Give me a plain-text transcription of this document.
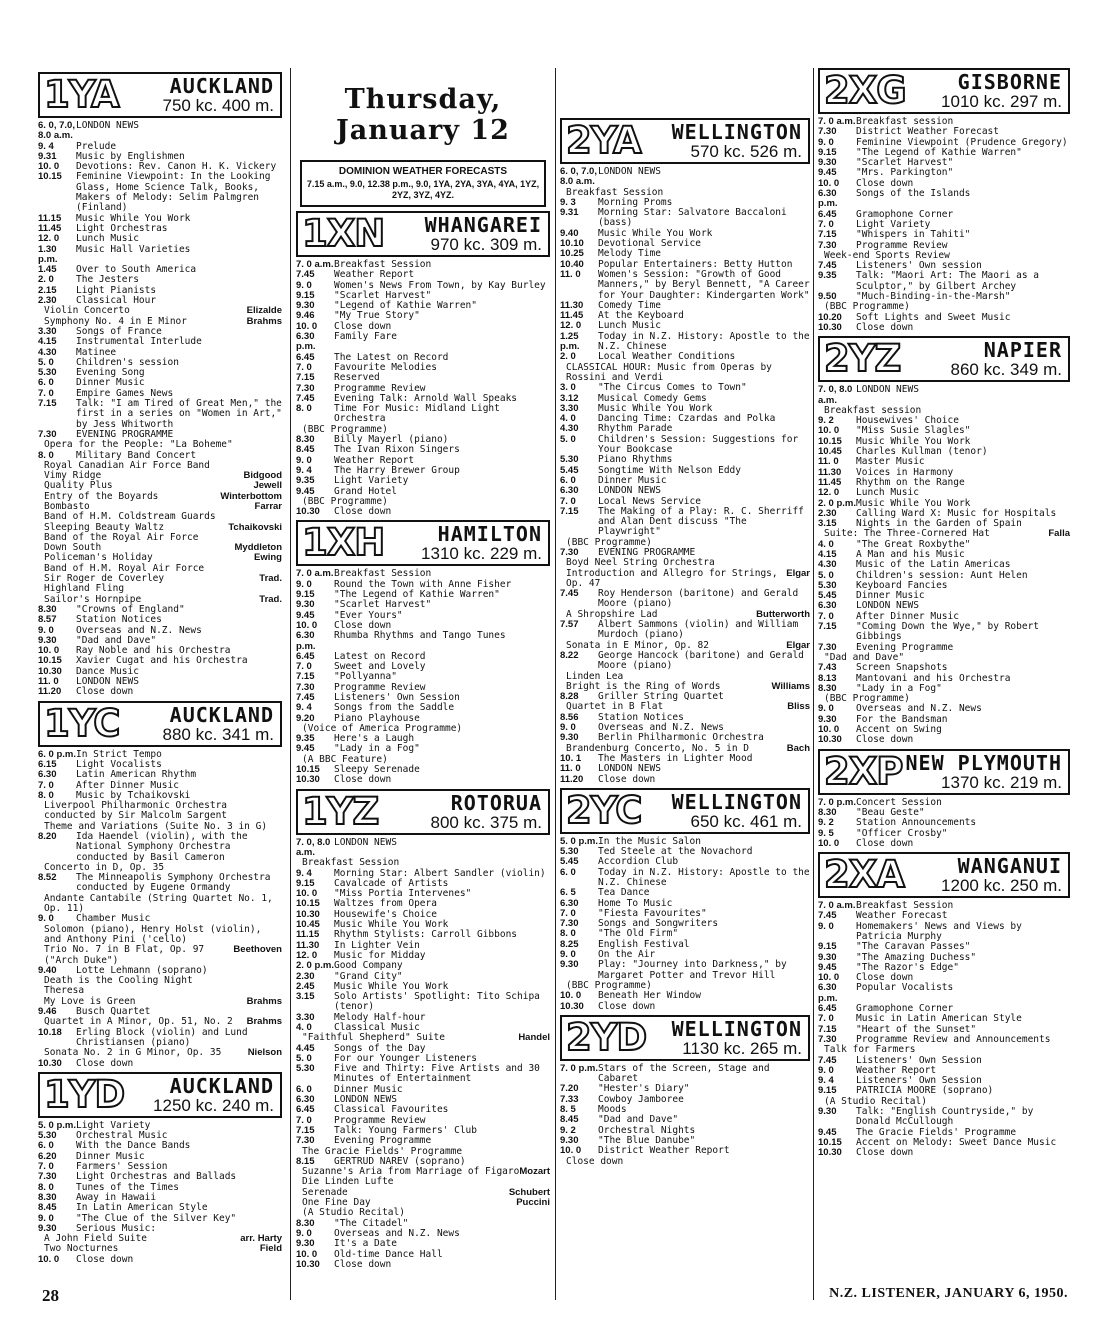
1YA	AUCKLAND
750 kc. 400 m.
6. 0, 7.0, 8.0 a.m.
LONDON NEWS
9. 4	Prelude
9.31	Music by Englishmen
10. 0	Devotions: Rev. Canon H. K. Vickery
10.15	Feminine Viewpoint: In the Looking Glass, Home Science Talk, Books, Makers of Melody: Selim Palmgren (Finland)
11.15	Music While You Work
11.45	Light Orchestras
12. 0	Lunch Music
1.30 p.m.
Music Hall Varieties
1.45	Over to South America
2. 0	The Jesters
2.15	Light Pianists
2.30	Classical Hour
Violin Concerto	Elizalde
Symphony No. 4 in E Minor	Brahms
3.30	Songs of France
4.15	Instrumental Interlude
4.30	Matinee
5. 0	Children's session
5.30	Evening Song
6. 0	Dinner Music
7. 0	Empire Games News
7.15	Talk: "I am Tired of Great Men," the first in a series on "Women in Art," by Jess Whitworth
7.30	EVENING PROGRAMME
Opera for the People: "La Boheme"
8. 0	Military Band Concert
Royal Canadian Air Force Band
Vimy Ridge	Bidgood
Quality Plus	Jewell
Entry of the Boyards	Winterbottom
Bombasto	Farrar
Band of H.M. Coldstream Guards
Sleeping Beauty Waltz	Tchaikovski
Band of the Royal Air Force
Down South	Myddleton
Policeman's Holiday	Ewing
Band of H.M. Royal Air Force
Sir Roger de Coverley	Trad.
Highland Fling
Sailor's Hornpipe	Trad.
8.30	"Crowns of England"
8.57	Station Notices
9. 0	Overseas and N.Z. News
9.30	"Dad and Dave"
10. 0	Ray Noble and his Orchestra
10.15	Xavier Cugat and his Orchestra
10.30	Dance Music
11. 0	LONDON NEWS
11.20	Close down
1YC	AUCKLAND
880 kc. 341 m.
6. 0 p.m. In Strict Tempo
6.15	Light Vocalists
6.30	Latin American Rhythm
7. 0	After Dinner Music
8. 0	Music by Tchaikovski
Liverpool Philharmonic Orchestra conducted by Sir Malcolm Sargent
Theme and Variations (Suite No. 3 in G)
8.20	Ida Haendel (violin), with the National Symphony Orchestra conducted by Basil Cameron
Concerto in D, Op. 35
8.52	The Minneapolis Symphony Orchestra conducted by Eugene Ormandy
Andante Cantabile (String Quartet No. 1, Op. 11)
9. 0	Chamber Music
Solomon (piano), Henry Holst (violin), and Anthony Pini ('cello)
Trio No. 7 in B Flat, Op. 97 ("Arch Duke")
Beethoven
9.40	Lotte Lehmann (soprano)
Death is the Cooling Night
Theresa
My Love is Green	Brahms
9.46	Busch Quartet
Quartet in A Minor, Op. 51, No. 2	Brahms
10.18	Erling Block (violin) and Lund Christiansen (piano)
Sonata No. 2 in G Minor, Op. 35	Nielson
10.30	Close down
1YD AUCKLAND
1250 kc. 240 m.
5. 0 p.m. Light Variety
5.30	Orchestral Music
6. 0	With the Dance Bands
6.20	Dinner Music
7. 0	Farmers' Session
7.30	Light Orchestras and Ballads
8. 0	Tunes of the Times
8.30	Away in Hawaii
8.45	In Latin American Style
9. 0	"The Clue of the Silver Key"
9.30	Serious Music:
A John Field Suite	arr. Harty
Two Nocturnes	Field
10. 0	Close down
Thursday, January 12
DOMINION WEATHER FORECASTS
7.15 a.m., 9.0, 12.38 p.m., 9.0, 1YA, 2YA, 3YA, 4YA, 1YZ, 2YZ, 3YZ, 4YZ.
1XN WHANGAREI
970 kc. 309 m.
7. 0 a.m. Breakfast Session
7.45	Weather Report
9. 0	Women's News From Town, by Kay Burley
9.15	"Scarlet Harvest"
9.30	"Legend of Kathie Warren"
9.46	"My True Story"
10. 0	Close down
6.30 p.m.
Family Fare
6.45	The Latest on Record
7. 0	Favourite Melodies
7.15	Reserved
7.30	Programme Review
7.45	Evening Talk: Arnold Wall Speaks
8. 0	Time For Music: Midland Light Orchestra
(BBC Programme)
8.30	Billy Mayerl (piano)
8.45	The Ivan Rixon Singers
9. 0	Weather Report
9. 4	The Harry Brewer Group
9.35	Light Variety
9.45	Grand Hotel
(BBC Programme)
10.30	Close down
1XH	HAMILTON
1310 kc. 229 m.
7. 0 a.m. Breakfast Session
9. 0	Round the Town with Anne Fisher
9.15	"The Legend of Kathie Warren"
9.30	"Scarlet Harvest"
9.45	"Ever Yours"
10. 0	Close down
6.30 p.m.
Rhumba Rhythms and Tango Tunes
6.45	Latest on Record
7. 0	Sweet and Lovely
7.15	"Pollyanna"
7.30	Programme Review
7.45	Listeners' Own Session
9. 4	Songs from the Saddle
9.20	Piano Playhouse
(Voice of America Programme)
9.35	Here's a Laugh
9.45	"Lady in a Fog"
(A BBC Feature)
10.15	Sleepy Serenade
10.30	Close down
1YZ	ROTORUA
800 kc. 375 m.
7. 0, 8.0 a.m.
LONDON NEWS
Breakfast Session
9. 4	Morning Star: Albert Sandler (violin)
9.15	Cavalcade of Artists
10. 0	"Miss Portia Intervenes"
10.15	Waltzes from Opera
10.30	Housewife's Choice
10.45	Music While You Work
11.15	Rhythm Stylists: Carroll Gibbons
11.30	In Lighter Vein
12. 0	Music for Midday
2. 0 p.m. Good Company
2.30	"Grand City"
2.45	Music While You Work
3.15	Solo Artists' Spotlight: Tito Schipa (tenor)
3.30	Melody Half-hour
4. 0	Classical Music
"Faithful Shepherd" Suite	Handel
4.45	Songs of the Day
5. 0	For our Younger Listeners
5.30	Five and Thirty: Five Artists and 30 Minutes of Entertainment
6. 0	Dinner Music
6.30	LONDON NEWS
6.45	Classical Favourites
7. 0	Programme Review
7.15	Talk: Young Farmers' Club
7.30	Evening Programme
The Gracie Fields' Programme
8.15	GERTRUD NAREV (soprano)
Suzanne's Aria from Marriage of Figaro Mozart
Die Linden Lufte
Serenade	Schubert
One Fine Day	Puccini
(A Studio Recital)
8.30	"The Citadel"
9. 0	Overseas and N.Z. News
9.30	It's a Date
10. 0	Old-time Dance Hall
10.30	Close down
2YA WELLINGTON
570 kc. 526 m.
6. 0, 7.0, 8.0 a.m.
LONDON NEWS
Breakfast Session
9. 3	Morning Proms
9.31	Morning Star: Salvatore Baccaloni (bass)
9.40	Music While You Work
10.10	Devotional Service
10.25	Melody Time
10.40	Popular Entertainers: Betty Hutton
11. 0	Women's Session: "Growth of Good Manners," by Beryl Bennett, "A Career for Your Daughter: Kindergarten Work"
11.30	Comedy Time
11.45	At the Keyboard
12. 0	Lunch Music
1.25 p.m.
Today in N.Z. History: Apostle to the N.Z. Chinese
2. 0	Local Weather Conditions
CLASSICAL HOUR: Music from Operas by Rossini and Verdi
3. 0	"The Circus Comes to Town"
3.12	Musical Comedy Gems
3.30	Music While You Work
4. 0	Dancing Time: Czardas and Polka
4.30	Rhythm Parade
5. 0	Children's Session: Suggestions for Your Bookcase
5.30	Piano Rhythms
5.45	Songtime With Nelson Eddy
6. 0	Dinner Music
6.30	LONDON NEWS
7. 0	Local News Service
7.15	The Making of a Play: R. C. Sherriff and Alan Dent discuss "The Playwright"
(BBC Programme)
7.30	EVENING PROGRAMME
Boyd Neel String Orchestra
Introduction and Allegro for Strings, Op. 47
Elgar
7.45	Roy Henderson (baritone) and Gerald Moore (piano)
A Shropshire Lad	Butterworth
7.57	Albert Sammons (violin) and William Murdoch (piano)
Sonata in E Minor, Op. 82	Elgar
8.22	George Hancock (baritone) and Gerald Moore (piano)
Linden Lea
Bright is the Ring of Words	Williams
8.28	Griller String Quartet
Quartet in B Flat	Bliss
8.56	Station Notices
9. 0	Overseas and N.Z. News
9.30	Berlin Philharmonic Orchestra
Brandenburg Concerto, No. 5 in D	Bach
10. 1	The Masters in Lighter Mood
11. 0	LONDON NEWS
11.20	Close down
2YC WELLINGTON
650 kc. 461 m.
5. 0 p.m. In the Music Salon
5.30	Ted Steele at the Novachord
5.45	Accordion Club
6. 0	Today in N.Z. History: Apostle to the N.Z. Chinese
6. 5	Tea Dance
6.30	Home To Music
7. 0	"Fiesta Favourites"
7.30	Songs and Songwriters
8. 0	"The Old Firm"
8.25	English Festival
9. 0	On the Air
9.30	Play: "Journey into Darkness," by Margaret Potter and Trevor Hill
(BBC Programme)
10. 0	Beneath Her Window
10.30	Close down
2YD WELLINGTON
1130 kc. 265 m.
7. 0 p.m. Stars of the Screen, Stage and Cabaret
7.20	"Hester's Diary"
7.33	Cowboy Jamboree
8. 5	Moods
8.45	"Dad and Dave"
9. 2	Orchestral Nights
9.30	"The Blue Danube"
10. 0	District Weather Report
Close down
2XG	GISBORNE
1010 kc. 297 m.
7. 0 a.m. Breakfast session
7.30	District Weather Forecast
9. 0	Feminine Viewpoint (Prudence Gregory)
9.15	"The Legend of Kathie Warren"
9.30	"Scarlet Harvest"
9.45	"Mrs. Parkington"
10. 0	Close down
6.30 p.m.
Songs of the Islands
6.45	Gramophone Corner
7. 0	Light Variety
7.15	"Whispers in Tahiti"
7.30	Programme Review
Week-end Sports Review
7.45	Listeners' Own session
9.35	Talk: "Maori Art: The Maori as a Sculptor," by Gilbert Archey
9.50	"Much-Binding-in-the-Marsh"
(BBC Programme)
10.20	Soft Lights and Sweet Music
10.30	Close down
2YZ	NAPIER
860 kc. 349 m.
7. 0, 8.0 a.m.
LONDON NEWS
Breakfast session
9. 2	Housewives' Choice
10. 0	"Miss Susie Slagles"
10.15	Music While You Work
10.45	Charles Kullman (tenor)
11. 0	Master Music
11.30	Voices in Harmony
11.45	Rhythm on the Range
12. 0	Lunch Music
2. 0 p.m. Music While You Work
2.30	Calling Ward X: Music for Hospitals
3.15	Nights in the Garden of Spain
Suite: The Three-Cornered Hat	Falla
4. 0	"The Great Roxbythe"
4.15	A Man and his Music
4.30	Music of the Latin Americas
5. 0	Children's session: Aunt Helen
5.30	Keyboard Fancies
5.45	Dinner Music
6.30	LONDON NEWS
7. 0	After Dinner Music
7.15	"Coming Down the Wye," by Robert Gibbings
7.30	Evening Programme
"Dad and Dave"
7.43	Screen Snapshots
8.13	Mantovani and his Orchestra
8.30	"Lady in a Fog"
(BBC Programme)
9. 0	Overseas and N.Z. News
9.30	For the Bandsman
10. 0	Accent on Swing
10.30	Close down
2XP NEW PLYMOUTH
1370 kc. 219 m.
7. 0 p.m. Concert Session
8.30	"Beau Geste"
9. 2	Station Announcements
9. 5	"Officer Crosby"
10. 0	Close down
2XA	WANGANUI
1200 kc. 250 m.
7. 0 a.m. Breakfast Session
7.45	Weather Forecast
9. 0	Homemakers' News and Views by Patricia Murphy
9.15	"The Caravan Passes"
9.30	"The Amazing Duchess"
9.45	"The Razor's Edge"
10. 0	Close down
6.30 p.m.
Popular Vocalists
6.45	Gramophone Corner
7. 0	Music in Latin American Style
7.15	"Heart of the Sunset"
7.30	Programme Review and Announcements
Talk for Farmers
7.45	Listeners' Own Session
9. 0	Weather Report
9. 4	Listeners' Own Session
9.15	PATRICIA MOORE (soprano)
(A Studio Recital)
9.30	Talk: "English Countryside," by Donald McCullough
9.45	The Gracie Fields' Programme
10.15	Accent on Melody: Sweet Dance Music
10.30	Close down
28	N.Z. LISTENER, JANUARY 6, 1950.
